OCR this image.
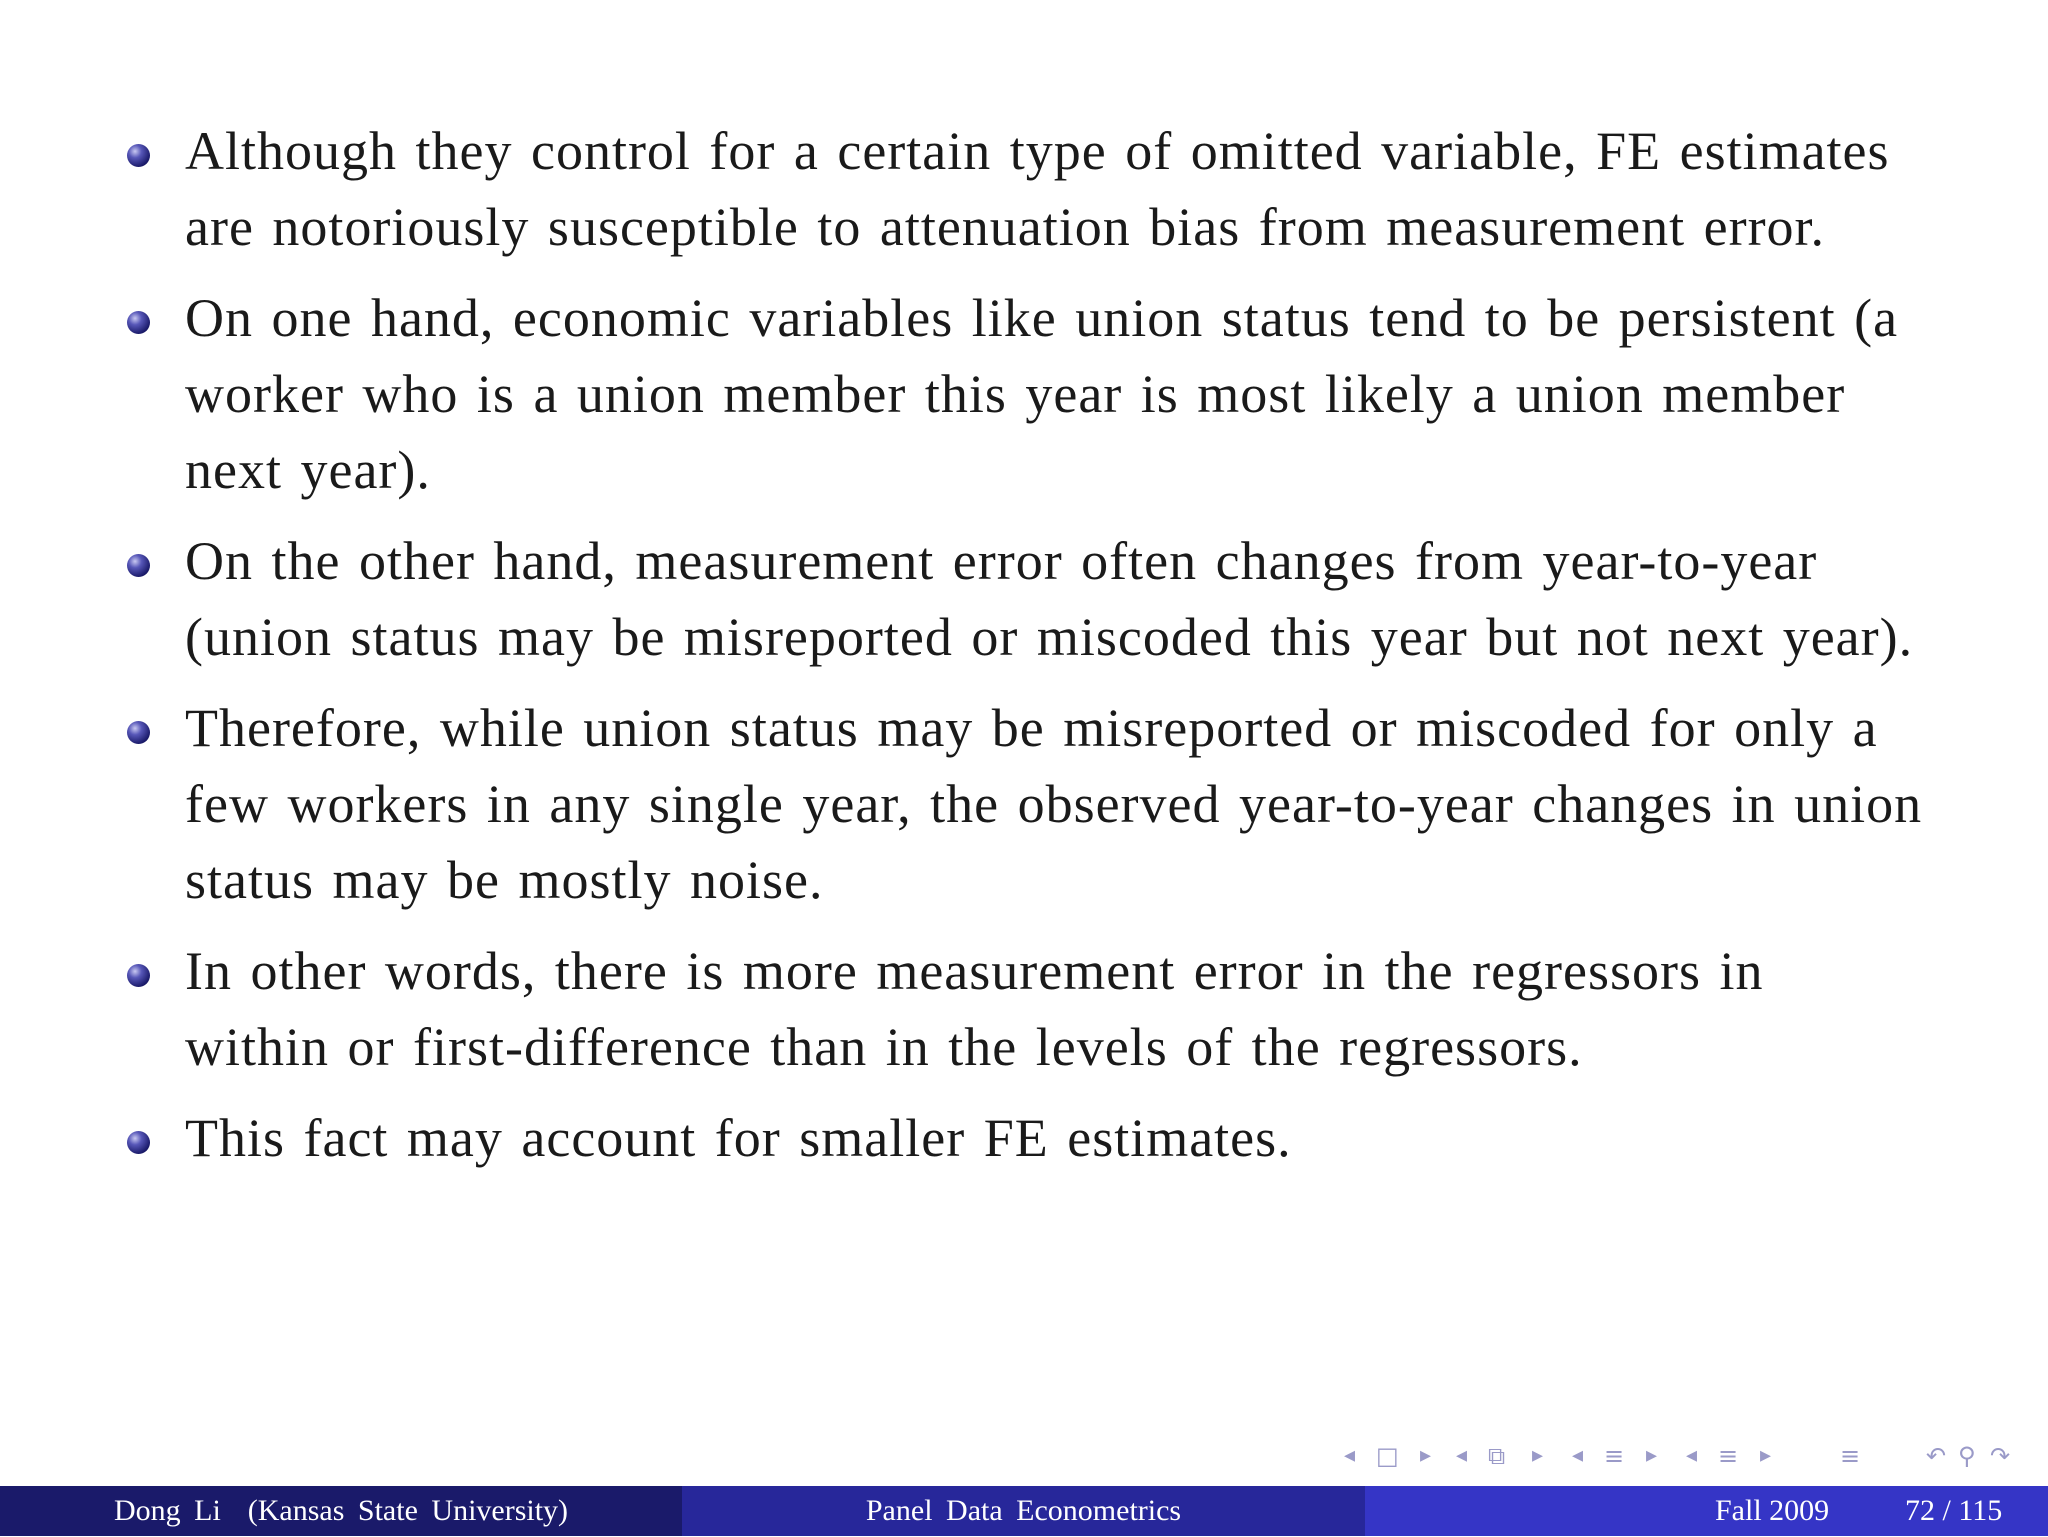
Although they control for a certain type of omitted variable, FE estimates are notoriously susceptible to attenuation bias from measurement error.
On one hand, economic variables like union status tend to be persistent (a worker who is a union member this year is most likely a union member next year).
On the other hand, measurement error often changes from year-to-year (union status may be misreported or miscoded this year but not next year).
Therefore, while union status may be misreported or miscoded for only a few workers in any single year, the observed year-to-year changes in union status may be mostly noise.
In other words, there is more measurement error in the regressors in within or first-difference than in the levels of the regressors.
This fact may account for smaller FE estimates.
◂ □ ▸ ◂ ⧉ ▸ ◂ ≡ ▸ ◂ ≡ ▸	≡	↶ ⚲ ↷
Dong Li  (Kansas State University)	Panel Data Econometrics	Fall 2009	72 / 115
